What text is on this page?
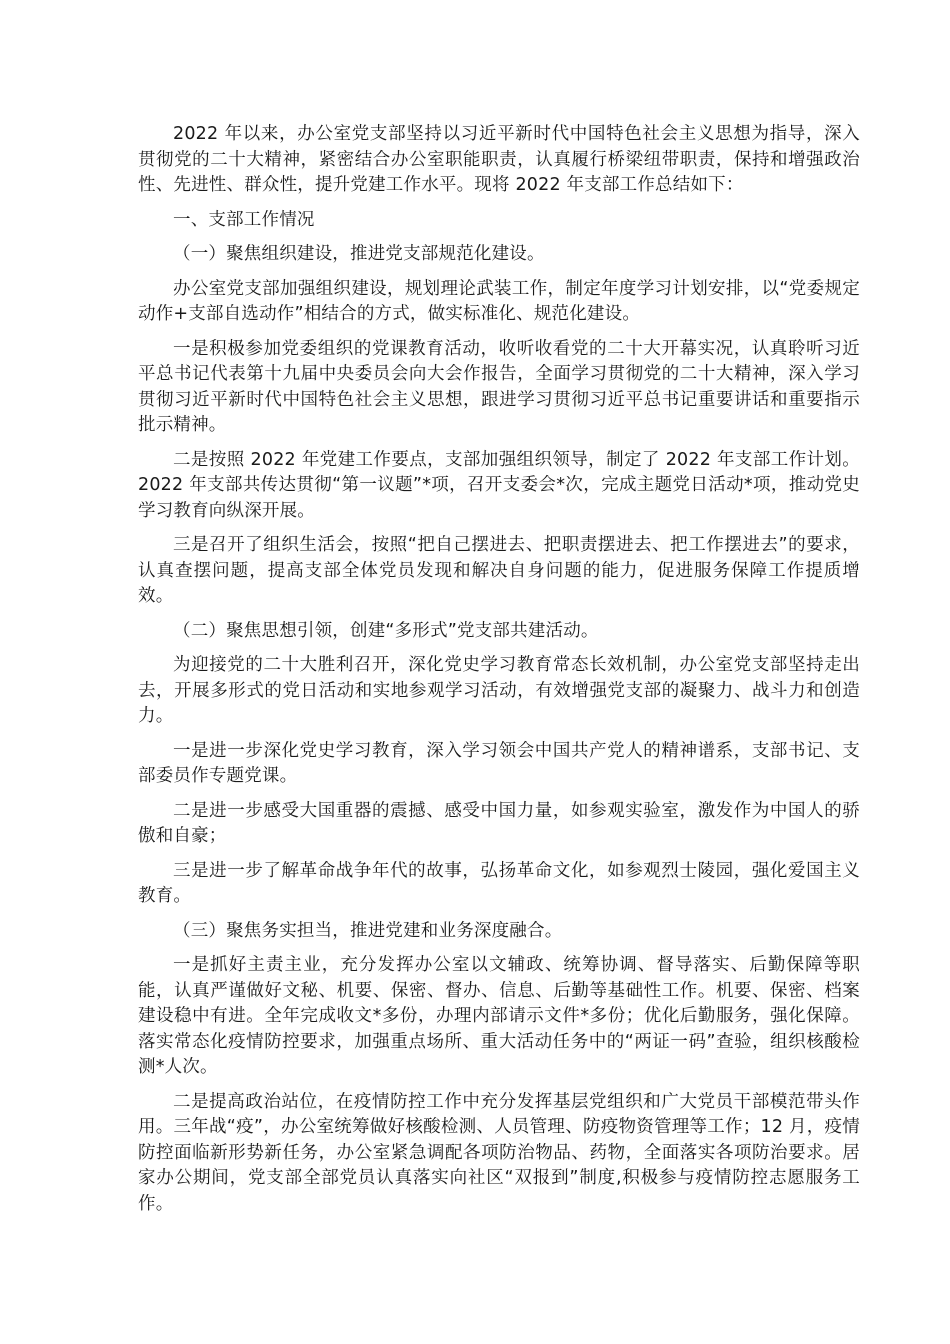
2022 年以来，办公室党支部坚持以习近平新时代中国特色社会主义思想为指导，深入贯彻党的二十大精神，紧密结合办公室职能职责，认真履行桥梁纽带职责，保持和增强政治性、先进性、群众性，提升党建工作水平。现将 2022 年支部工作总结如下：

一、支部工作情况

（一）聚焦组织建设，推进党支部规范化建设。

办公室党支部加强组织建设，规划理论武装工作，制定年度学习计划安排，以“党委规定动作+支部自选动作”相结合的方式，做实标准化、规范化建设。

一是积极参加党委组织的党课教育活动，收听收看党的二十大开幕实况，认真聆听习近平总书记代表第十九届中央委员会向大会作报告，全面学习贯彻党的二十大精神，深入学习贯彻习近平新时代中国特色社会主义思想，跟进学习贯彻习近平总书记重要讲话和重要指示批示精神。

二是按照 2022 年党建工作要点，支部加强组织领导，制定了 2022 年支部工作计划。2022 年支部共传达贯彻“第一议题”*项，召开支委会*次，完成主题党日活动*项，推动党史学习教育向纵深开展。

三是召开了组织生活会，按照“把自己摆进去、把职责摆进去、把工作摆进去”的要求，认真查摆问题，提高支部全体党员发现和解决自身问题的能力，促进服务保障工作提质增效。

（二）聚焦思想引领，创建“多形式”党支部共建活动。

为迎接党的二十大胜利召开，深化党史学习教育常态长效机制，办公室党支部坚持走出去，开展多形式的党日活动和实地参观学习活动，有效增强党支部的凝聚力、战斗力和创造力。

一是进一步深化党史学习教育，深入学习领会中国共产党人的精神谱系，支部书记、支部委员作专题党课。

二是进一步感受大国重器的震撼、感受中国力量，如参观实验室，激发作为中国人的骄傲和自豪；

三是进一步了解革命战争年代的故事，弘扬革命文化，如参观烈士陵园，强化爱国主义教育。

（三）聚焦务实担当，推进党建和业务深度融合。

一是抓好主责主业，充分发挥办公室以文辅政、统筹协调、督导落实、后勤保障等职能，认真严谨做好文秘、机要、保密、督办、信息、后勤等基础性工作。机要、保密、档案建设稳中有进。全年完成收文*多份，办理内部请示文件*多份；优化后勤服务，强化保障。落实常态化疫情防控要求，加强重点场所、重大活动任务中的“两证一码”查验，组织核酸检测*人次。

二是提高政治站位，在疫情防控工作中充分发挥基层党组织和广大党员干部模范带头作用。三年战“疫”，办公室统筹做好核酸检测、人员管理、防疫物资管理等工作；12 月，疫情防控面临新形势新任务，办公室紧急调配各项防治物品、药物，全面落实各项防治要求。居家办公期间，党支部全部党员认真落实向社区“双报到”制度,积极参与疫情防控志愿服务工作。
